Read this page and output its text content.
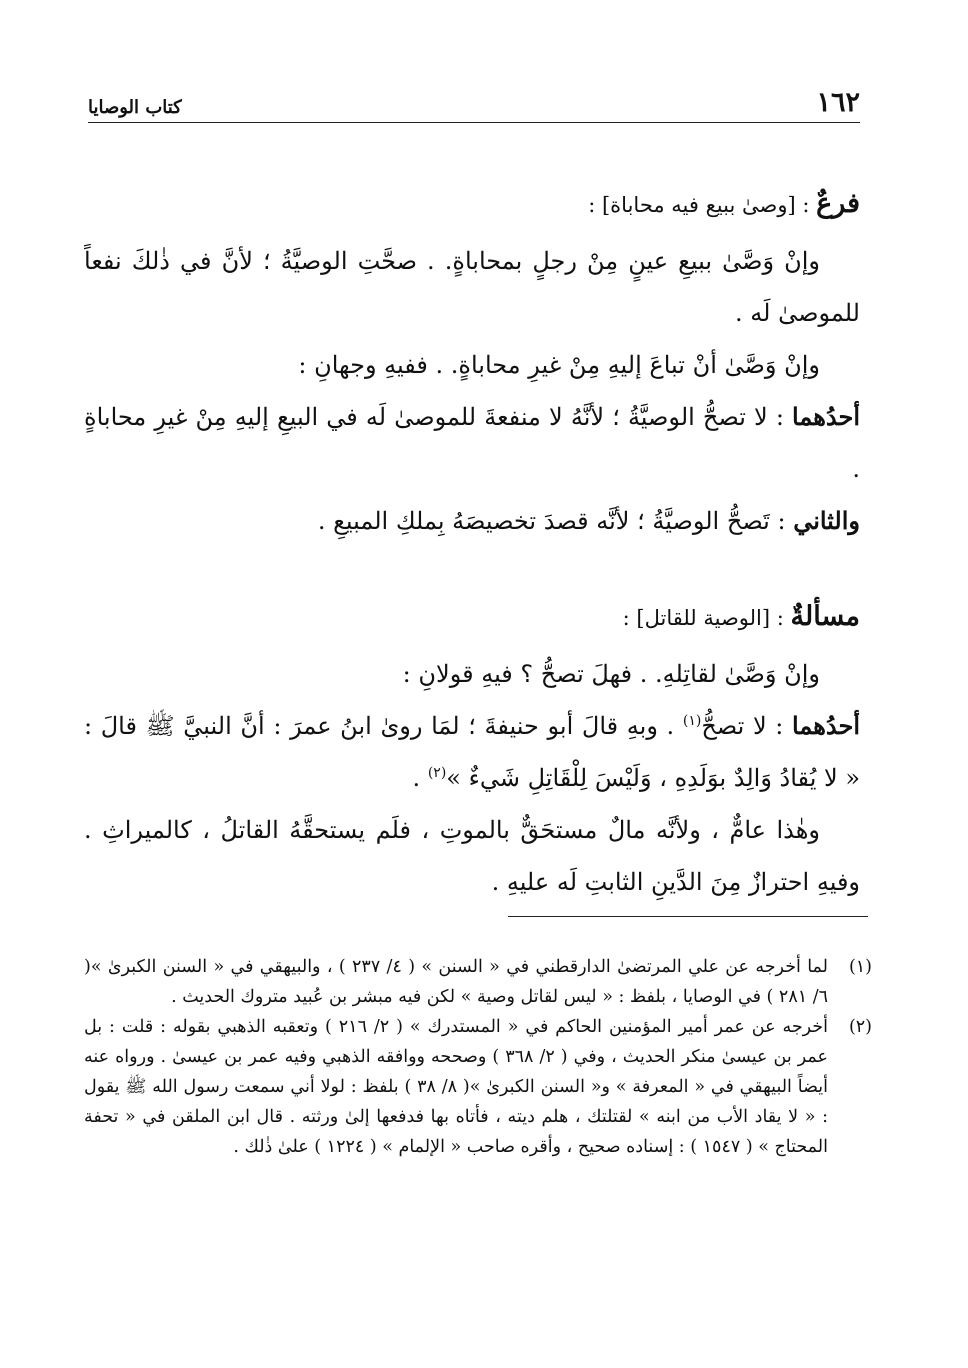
١٦٢
كتاب الوصايا
فرعٌ : [وصىٰ ببيع فيه محاباة] :

وإنْ وَصَّىٰ ببيعِ عينٍ مِنْ رجلٍ بمحاباةٍ. . صحَّتِ الوصيَّةُ ؛ لأنَّ في ذٰلكَ نفعاً للموصىٰ لَه .

وإنْ وَصَّىٰ أنْ تباعَ إليهِ مِنْ غيرِ محاباةٍ. . ففيهِ وجهانِ :

أحدُهما : لا تصحُّ الوصيَّةُ ؛ لأنَّهُ لا منفعةَ للموصىٰ لَه في البيعِ إليهِ مِنْ غيرِ محاباةٍ .

والثاني : تَصحُّ الوصيَّةُ ؛ لأنَّه قصدَ تخصيصَهُ بِملكِ المبيعِ .

مسألةٌ : [الوصية للقاتل] :

وإنْ وَصَّىٰ لقاتِلهِ. . فهلَ تصحُّ ؟ فيهِ قولانِ :

أحدُهما : لا تصحُّ$^{(١)}$ . وبهِ قالَ أبو حنيفةَ ؛ لمَا روىٰ ابنُ عمرَ : أنَّ النبيَّ ﷺ قالَ : « لا يُقادُ وَالِدٌ بوَلَدِهِ ، وَلَيْسَ لِلْقَاتِلِ شَيءٌ »$^{(٢)}$ .

وهٰذا عامٌّ ، ولأنَّه مالٌ مستحَقٌّ بالموتِ ، فلَم يستحقَّهُ القاتلُ ، كالميراثِ . وفيهِ احترازٌ مِنَ الدَّينِ الثابتِ لَه عليهِ .

(١)
لما أخرجه عن علي المرتضىٰ الدارقطني في « السنن » ( ٤/ ٢٣٧ ) ، والبيهقي في « السنن الكبرىٰ »( ٦/ ٢٨١ ) في الوصايا ، بلفظ : « ليس لقاتل وصية » لكن فيه مبشر بن عُبيد متروك الحديث .
(٢)
أخرجه عن عمر أمير المؤمنين الحاكم في « المستدرك » ( ٢/ ٢١٦ ) وتعقبه الذهبي بقوله : قلت : بل عمر بن عيسىٰ منكر الحديث ، وفي ( ٢/ ٣٦٨ ) وصححه ووافقه الذهبي وفيه عمر بن عيسىٰ . ورواه عنه أيضاً البيهقي في « المعرفة » و« السنن الكبرىٰ »( ٨/ ٣٨ ) بلفظ : لولا أني سمعت رسول الله ﷺ يقول : « لا يقاد الأب من ابنه » لقتلتك ، هلم ديته ، فأتاه بها فدفعها إلىٰ ورثته . قال ابن الملقن في « تحفة المحتاج » ( ١٥٤٧ ) : إسناده صحيح ، وأقره صاحب « الإلمام » ( ١٢٢٤ ) علىٰ ذٰلك .
